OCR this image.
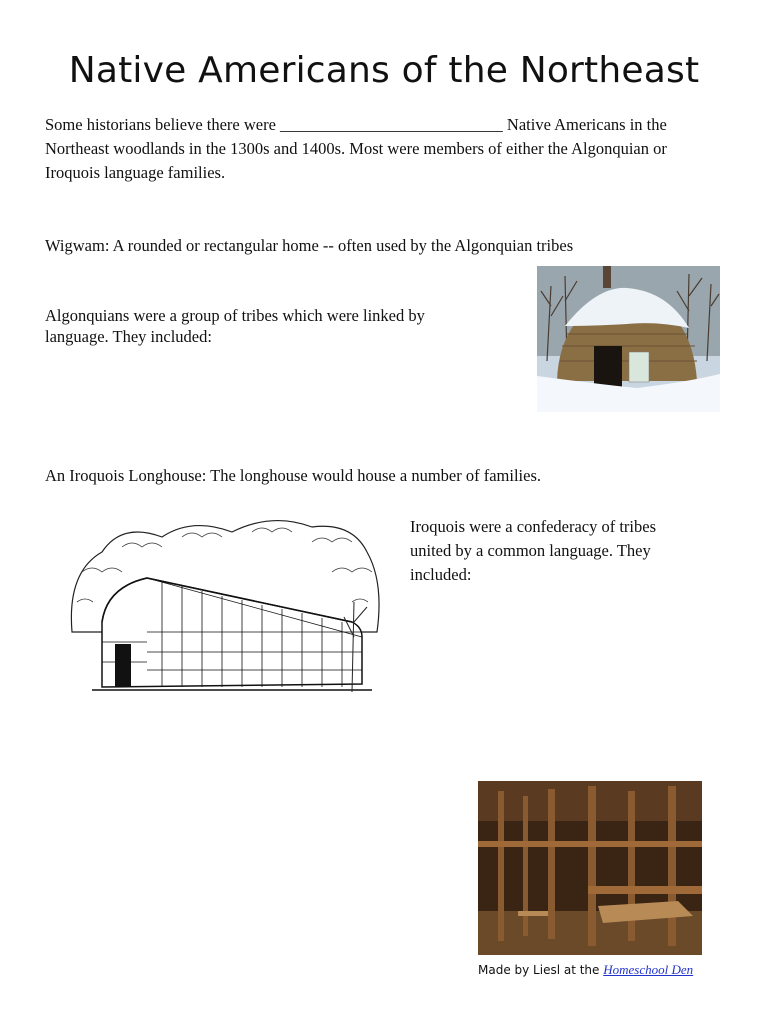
Native Americans of the Northeast
Some historians believe there were ___________________________ Native Americans in the Northeast woodlands in the 1300s and 1400s. Most were members of either the Algonquian or Iroquois language families.
Wigwam: A rounded or rectangular home -- often used by the Algonquian tribes
Algonquians were a group of tribes which were linked by language. They included:
An Iroquois Longhouse: The longhouse would house a number of families.
Iroquois were a confederacy of tribes united by a common language. They included:
Made by Liesl at the Homeschool Den
